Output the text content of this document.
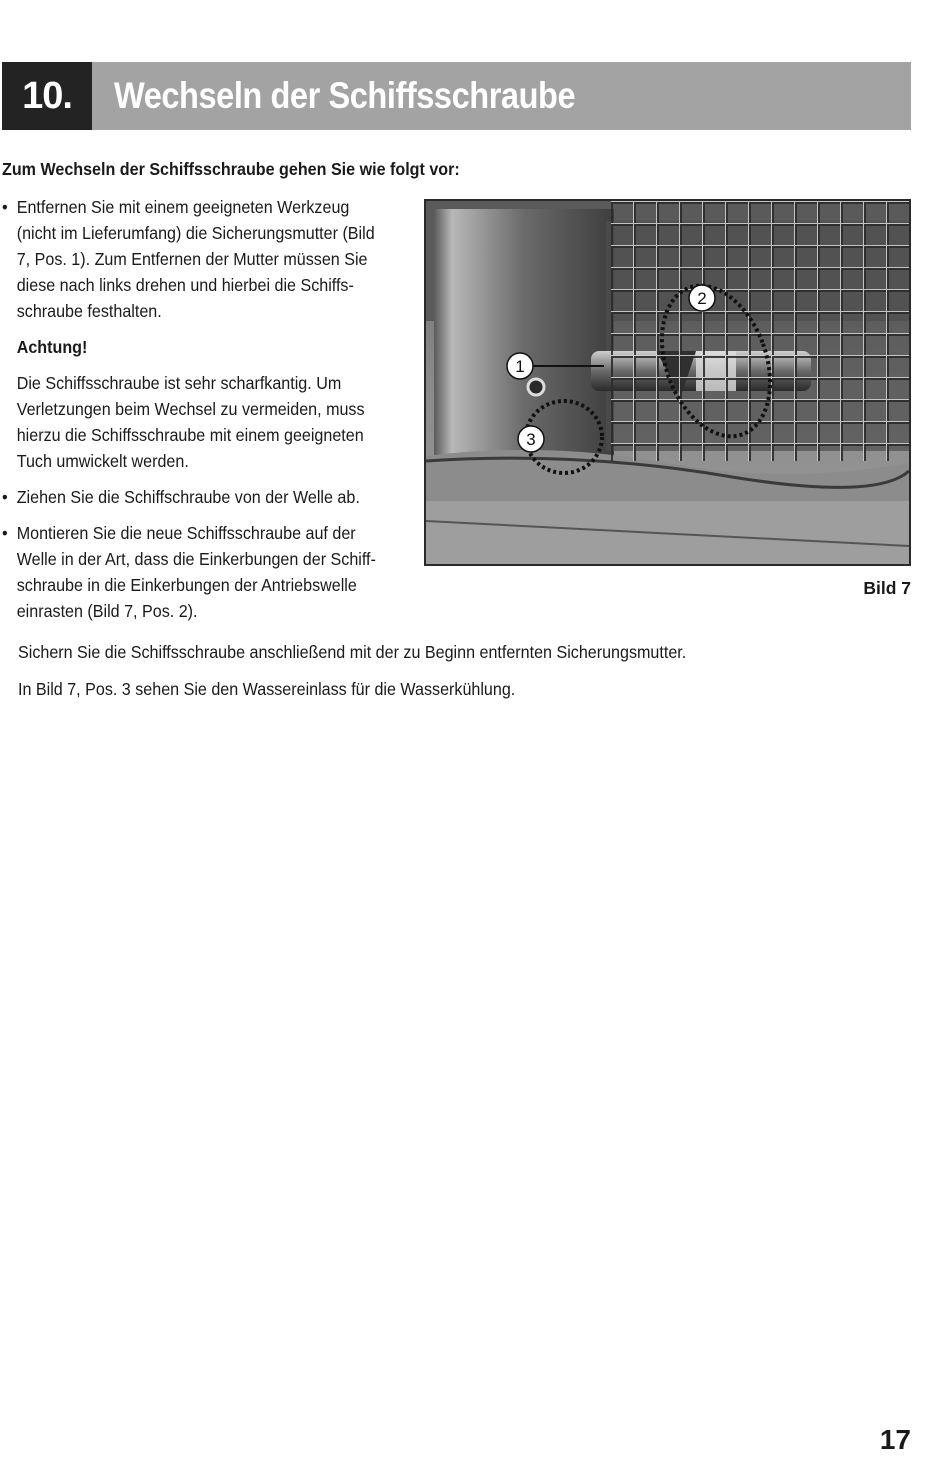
10.	Wechseln der Schiffsschraube
Zum Wechseln der Schiffsschraube gehen Sie wie folgt vor:

• Entfernen Sie mit einem geeigneten Werkzeug
(nicht im Lieferumfang) die Sicherungsmutter (Bild
7, Pos. 1). Zum Entfernen der Mutter müssen Sie
diese nach links drehen und hierbei die Schiffs-
schraube festhalten.

Achtung!

Die Schiffsschraube ist sehr scharfkantig. Um
Verletzungen beim Wechsel zu vermeiden, muss
hierzu die Schiffsschraube mit einem geeigneten
Tuch umwickelt werden.

• Ziehen Sie die Schiffschraube von der Welle ab.

• Montieren Sie die neue Schiffsschraube auf der
Welle in der Art, dass die Einkerbungen der Schiff-
schraube in die Einkerbungen der Antriebswelle
einrasten (Bild 7, Pos. 2).

Sichern Sie die Schiffsschraube anschließend mit der zu Beginn entfernten Sicherungsmutter.
In Bild 7, Pos. 3 sehen Sie den Wassereinlass für die Wasserkühlung.
1
2
3
Bild 7
17
